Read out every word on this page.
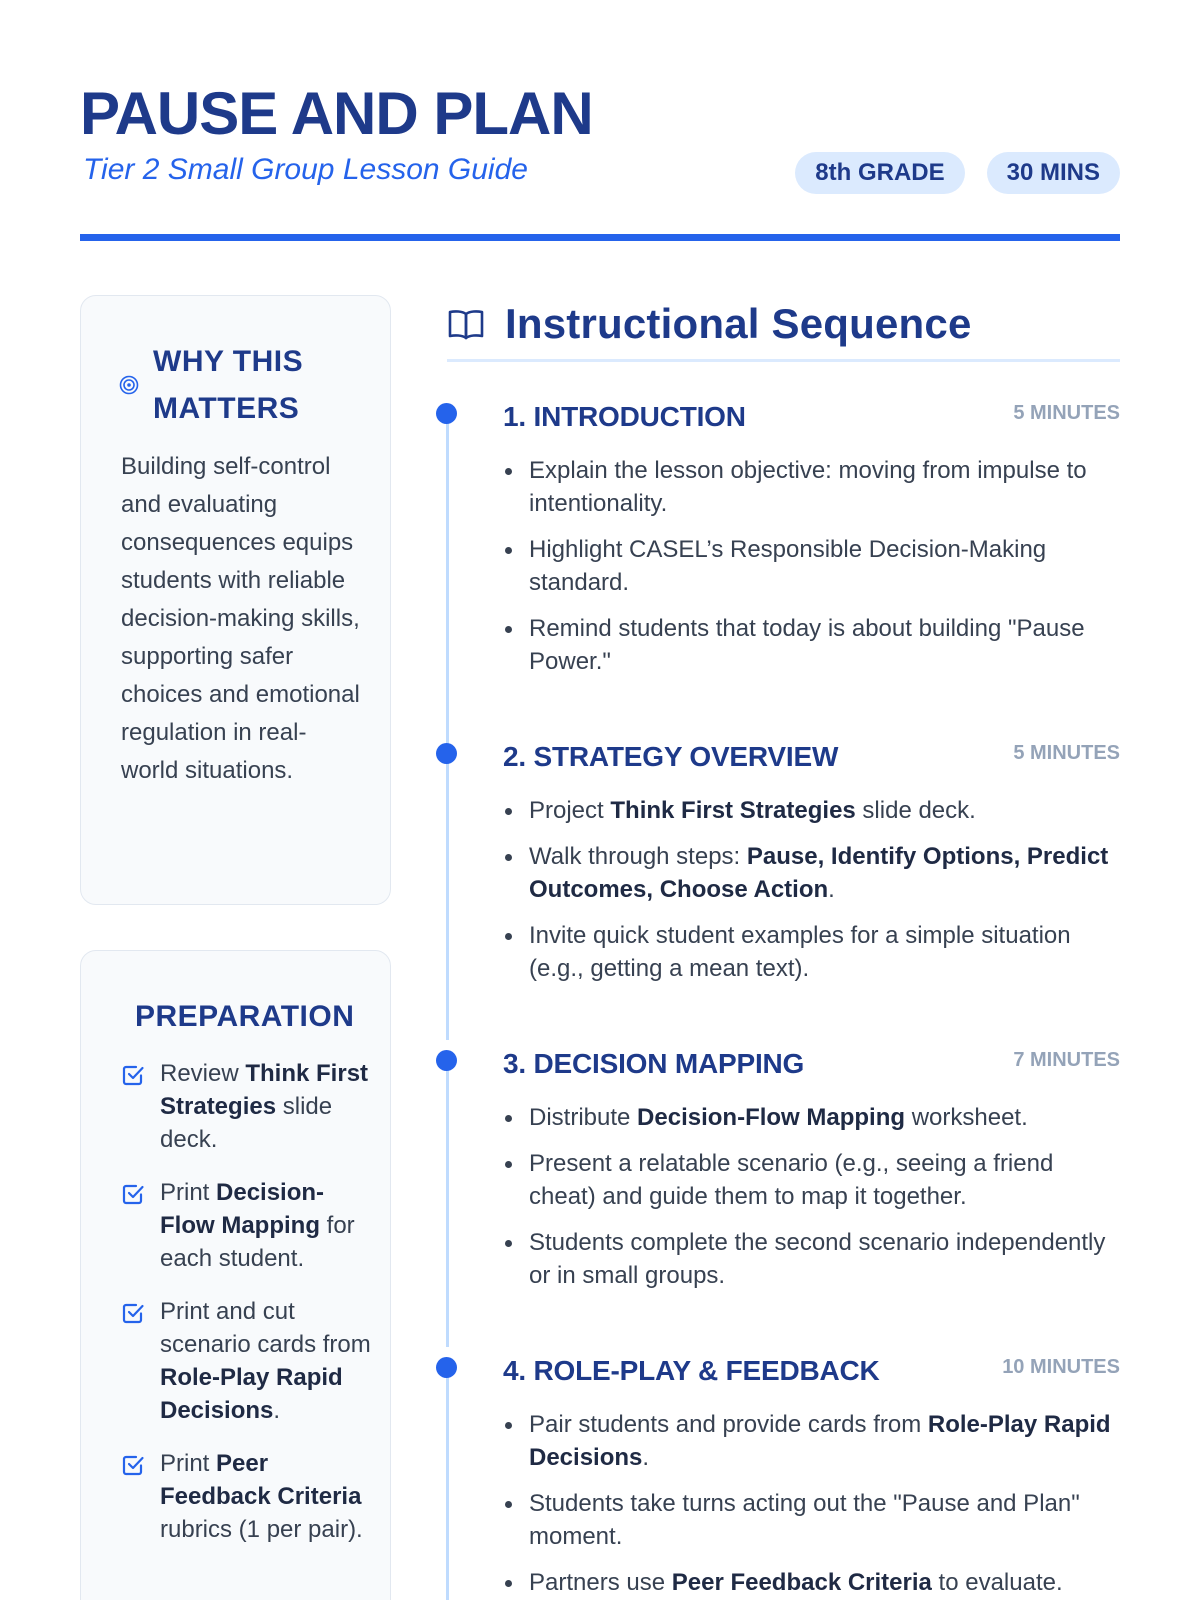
PAUSE AND PLAN
Tier 2 Small Group Lesson Guide	8th GRADE	30 MINS
WHY THIS
MATTERS

Building self-control and evaluating consequences equips students with reliable decision-making skills, supporting safer choices and emotional regulation in real-world situations.

PREPARATION
Review Think First Strategies slide deck.
Print Decision-Flow Mapping for each student.
Print and cut scenario cards from Role-Play Rapid Decisions.
Print Peer Feedback Criteria rubrics (1 per pair).
Instructional Sequence
1. INTRODUCTION	5 MINUTES
Explain the lesson objective: moving from impulse to intentionality.
Highlight CASEL’s Responsible Decision-Making standard.
Remind students that today is about building "Pause Power."
2. STRATEGY OVERVIEW	5 MINUTES
Project Think First Strategies slide deck.
Walk through steps: Pause, Identify Options, Predict Outcomes, Choose Action.
Invite quick student examples for a simple situation (e.g., getting a mean text).
3. DECISION MAPPING	7 MINUTES
Distribute Decision-Flow Mapping worksheet.
Present a relatable scenario (e.g., seeing a friend cheat) and guide them to map it together.
Students complete the second scenario independently or in small groups.
4. ROLE-PLAY & FEEDBACK	10 MINUTES
Pair students and provide cards from Role-Play Rapid Decisions.
Students take turns acting out the "Pause and Plan" moment.
Partners use Peer Feedback Criteria to evaluate.
